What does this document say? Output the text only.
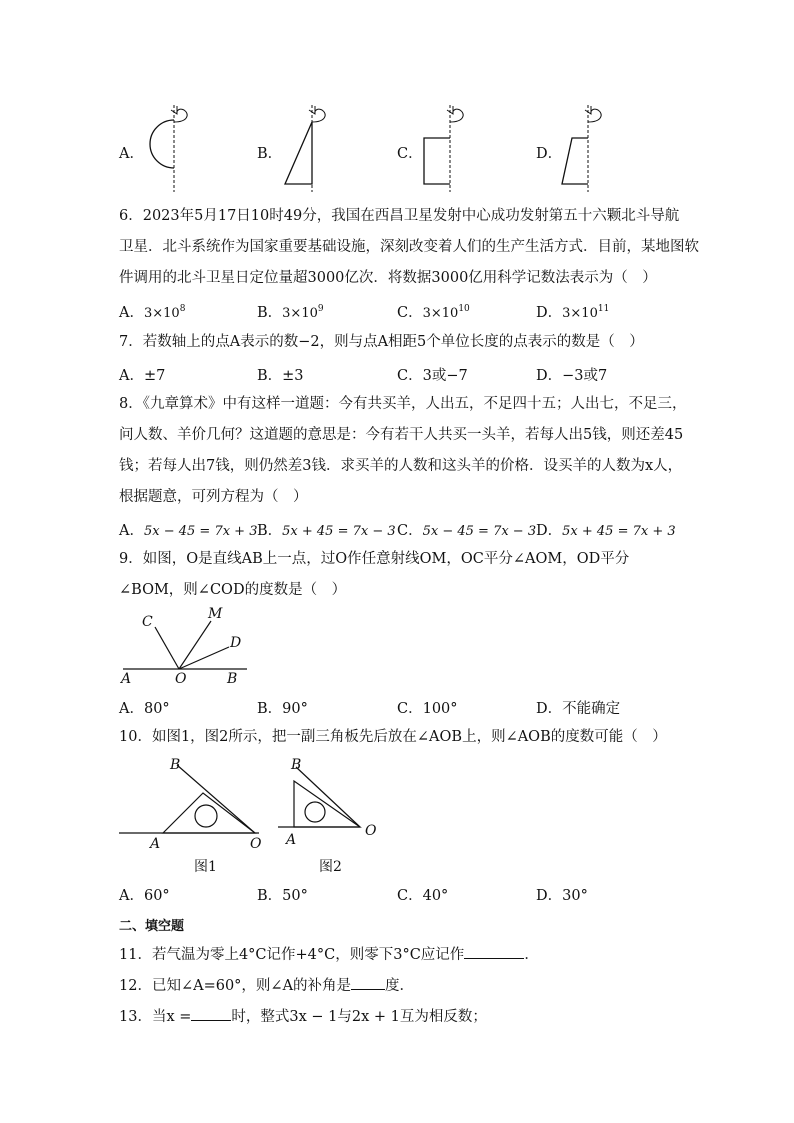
A．	B．	C．	D．
6．2023年5月17日10时49分，我国在西昌卫星发射中心成功发射第五十六颗北斗导航
卫星．北斗系统作为国家重要基础设施，深刻改变着人们的生产生活方式．目前，某地图软
件调用的北斗卫星日定位量超3000亿次．将数据3000亿用科学记数法表示为（　）
A．$3\times 10^8$	B．$3\times 10^9$	C．$3\times 10^{10}$	D．$3\times 10^{11}$
7．若数轴上的点A表示的数−2，则与点A相距5个单位长度的点表示的数是（　）
A．±7	B．±3	C．3或−7	D．−3或7
8．《九章算术》中有这样一道题：今有共买羊，人出五，不足四十五；人出七，不足三，
问人数、羊价几何？这道题的意思是：今有若干人共买一头羊，若每人出5钱，则还差45
钱；若每人出7钱，则仍然差3钱．求买羊的人数和这头羊的价格．设买羊的人数为x人，
根据题意，可列方程为（　）
A．5x − 45 = 7x + 3 B．5x + 45 = 7x − 3 C．5x − 45 = 7x − 3 D．5x + 45 = 7x + 3
9．如图，O是直线AB上一点，过O作任意射线OM，OC平分∠AOM，OD平分
∠BOM，则∠COD的度数是（　）
C	M
D
A	O	B
A．80°	B．90°	C．100°	D．不能确定
10．如图1，图2所示，把一副三角板先后放在∠AOB上，则∠AOB的度数可能（　）
B
A	O
图1
B
A
O
图2
A．60°	B．50°	C．40°	D．30°
二、填空题
11．若气温为零上4°C记作+4°C，则零下3°C应记作	．
12．已知∠A=60°，则∠A的补角是 度．
13．当x =	时，整式3x − 1与2x + 1互为相反数；
